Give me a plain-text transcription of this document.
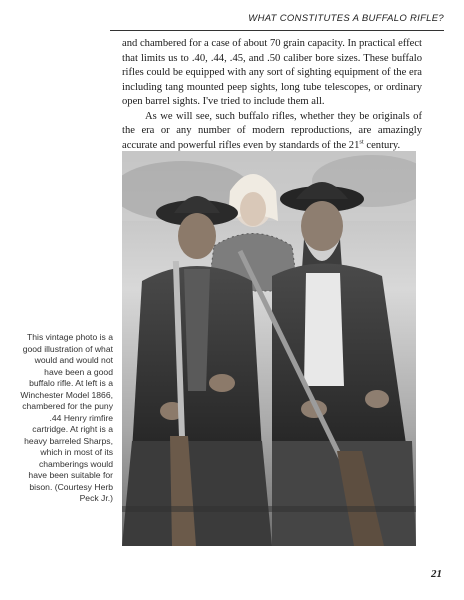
WHAT CONSTITUTES A BUFFALO RIFLE?

and chambered for a case of about 70 grain capacity. In practical effect that limits us to .40, .44, .45, and .50 caliber bore sizes. These buffalo rifles could be equipped with any sort of sighting equipment of the era including tang mounted peep sights, long tube telescopes, or ordinary open barrel sights. I've tried to include them all.

As we will see, such buffalo rifles, whether they be originals of the era or any number of modern reproductions, are amazingly accurate and powerful rifles even by standards of the 21st century.

This vintage photo is a good illustration of what would and would not have been a good buffalo rifle. At left is a Winchester Model 1866, chambered for the puny .44 Henry rimfire cartridge. At right is a heavy barreled Sharps, which in most of its chamberings would have been suitable for bison. (Courtesy Herb Peck Jr.)
21
